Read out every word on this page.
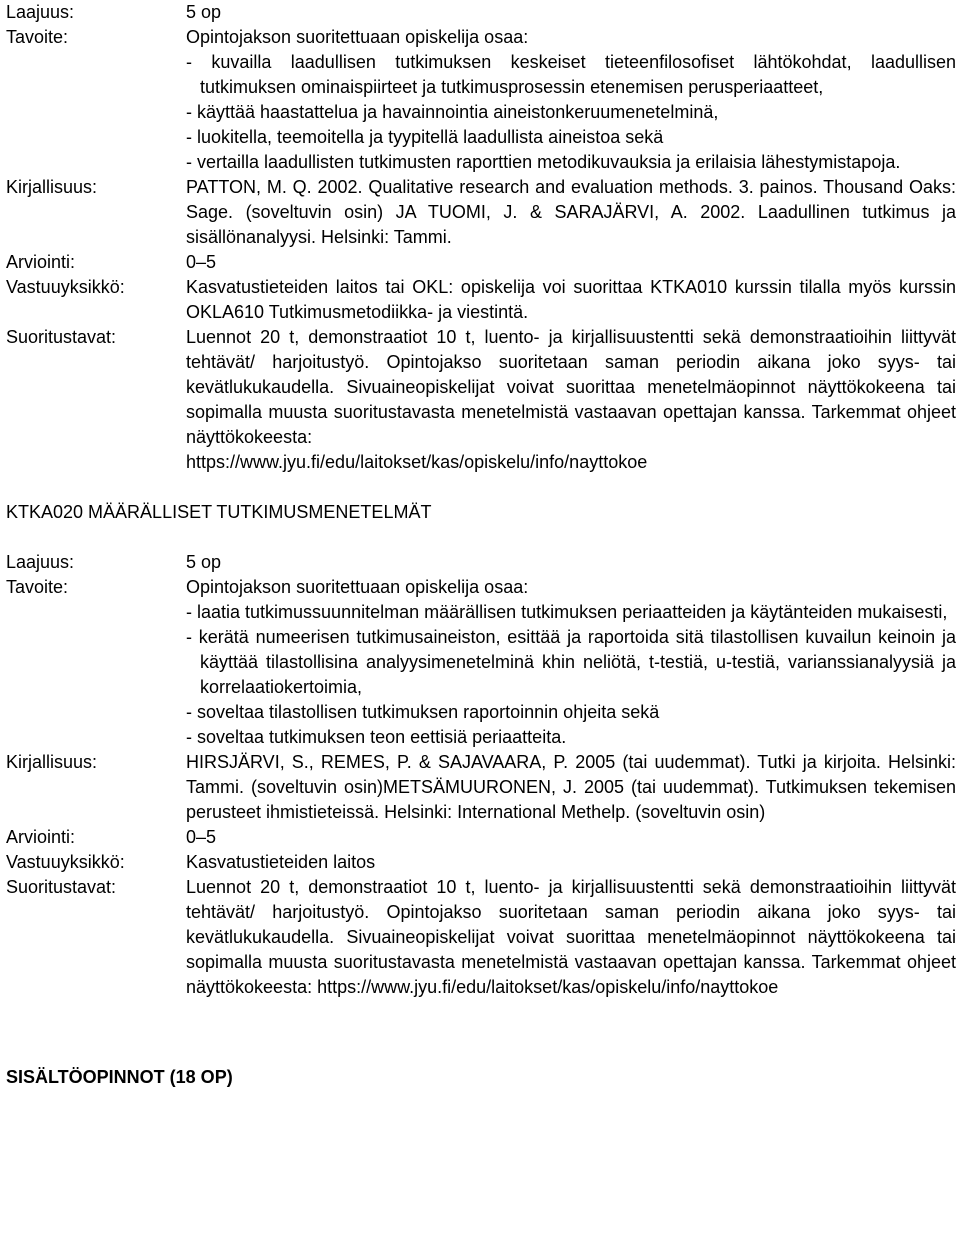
Laajuus:	5 op
Tavoite:	Opintojakson suoritettuaan opiskelija osaa:
- kuvailla laadullisen tutkimuksen keskeiset tieteenfilosofiset lähtökohdat, laadullisen tutkimuksen ominaispiirteet ja tutkimusprosessin etenemisen perusperiaatteet,
- käyttää haastattelua ja havainnointia aineistonkeruumenetelminä,
- luokitella, teemoitella ja tyypitellä laadullista aineistoa sekä
- vertailla laadullisten tutkimusten raporttien metodikuvauksia ja erilaisia lähestymistapoja.
Kirjallisuus:	PATTON, M. Q. 2002. Qualitative research and evaluation methods. 3. painos. Thousand Oaks: Sage. (soveltuvin osin) JA TUOMI, J. & SARAJÄRVI, A. 2002. Laadullinen tutkimus ja sisällönanalyysi. Helsinki: Tammi.
Arviointi:	0–5
Vastuuyksikkö:	Kasvatustieteiden laitos tai OKL: opiskelija voi suorittaa KTKA010 kurssin tilalla myös kurssin OKLA610 Tutkimusmetodiikka- ja viestintä.
Suoritustavat:	Luennot 20 t, demonstraatiot 10 t, luento- ja kirjallisuustentti sekä demonstraatioihin liittyvät tehtävät/ harjoitustyö. Opintojakso suoritetaan saman periodin aikana joko syys- tai kevätlukukaudella. Sivuaineopiskelijat voivat suorittaa menetelmäopinnot näyttökokeena tai sopimalla muusta suoritustavasta menetelmistä vastaavan opettajan kanssa. Tarkemmat ohjeet näyttökokeesta:
https://www.jyu.fi/edu/laitokset/kas/opiskelu/info/nayttokoe
KTKA020 MÄÄRÄLLISET TUTKIMUSMENETELMÄT
Laajuus:	5 op
Tavoite:	Opintojakson suoritettuaan opiskelija osaa:
- laatia tutkimussuunnitelman määrällisen tutkimuksen periaatteiden ja käytänteiden mukaisesti,
- kerätä numeerisen tutkimusaineiston, esittää ja raportoida sitä tilastollisen kuvailun keinoin ja käyttää tilastollisina analyysimenetelminä khin neliötä, t-testiä, u-testiä, varianssianalyysiä ja korrelaatiokertoimia,
- soveltaa tilastollisen tutkimuksen raportoinnin ohjeita sekä
- soveltaa tutkimuksen teon eettisiä periaatteita.
Kirjallisuus:	HIRSJÄRVI, S., REMES, P. & SAJAVAARA, P. 2005 (tai uudemmat). Tutki ja kirjoita. Helsinki: Tammi. (soveltuvin osin)METSÄMUURONEN, J. 2005 (tai uudemmat). Tutkimuksen tekemisen perusteet ihmistieteissä. Helsinki: International Methelp. (soveltuvin osin)
Arviointi:	0–5
Vastuuyksikkö:	Kasvatustieteiden laitos
Suoritustavat:	Luennot 20 t, demonstraatiot 10 t, luento- ja kirjallisuustentti sekä demonstraatioihin liittyvät tehtävät/ harjoitustyö. Opintojakso suoritetaan saman periodin aikana joko syys- tai kevätlukukaudella. Sivuaineopiskelijat voivat suorittaa menetelmäopinnot näyttökokeena tai sopimalla muusta suoritustavasta menetelmistä vastaavan opettajan kanssa. Tarkemmat ohjeet näyttökokeesta: https://www.jyu.fi/edu/laitokset/kas/opiskelu/info/nayttokoe
SISÄLTÖOPINNOT (18 OP)
